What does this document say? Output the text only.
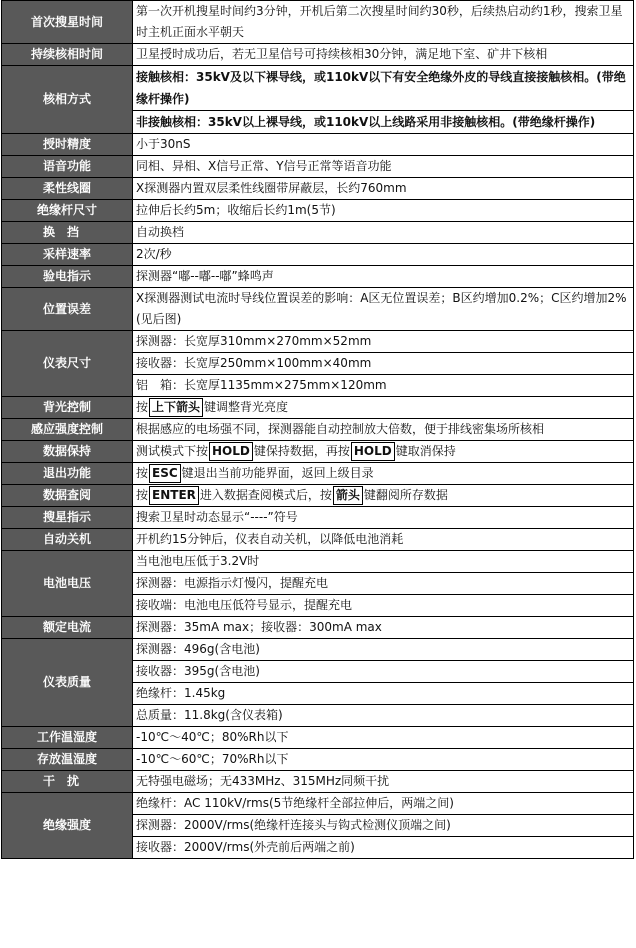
首次搜星时间	第一次开机搜星时间约3分钟，开机后第二次搜星时间约30秒，后续热启动约1秒，搜索卫星时主机正面水平朝天
持续核相时间	卫星授时成功后，若无卫星信号可持续核相30分钟，满足地下室、矿井下核相
核相方式	接触核相：35kV及以下裸导线，或110kV以下有安全绝缘外皮的导线直接接触核相。(带绝缘杆操作)
	非接触核相：35kV以上裸导线，或110kV以上线路采用非接触核相。(带绝缘杆操作)
授时精度	小于30nS
语音功能	同相、异相、X信号正常、Y信号正常等语音功能
柔性线圈	X探测器内置双层柔性线圈带屏蔽层，长约760mm
绝缘杆尺寸	拉伸后长约5m；收缩后长约1m(5节)
换挡	自动换档
采样速率	2次/秒
验电指示	探测器“嘟--嘟--嘟”蜂鸣声
位置误差	X探测器测试电流时导线位置误差的影响：A区无位置误差；B区约增加0.2%；C区约增加2%(见后图)
仪表尺寸	探测器：长宽厚310mm×270mm×52mm
	接收器：长宽厚250mm×100mm×40mm
	铝　箱：长宽厚1135mm×275mm×120mm
背光控制	按 上下箭头 键调整背光亮度
感应强度控制	根据感应的电场强不同，探测器能自动控制放大倍数，便于排线密集场所核相
数据保持	测试模式下按 HOLD 键保持数据，再按 HOLD 键取消保持
退出功能	按 ESC 键退出当前功能界面，返回上级目录
数据查阅	按 ENTER 进入数据查阅模式后，按 箭头 键翻阅所存数据
搜星指示	搜索卫星时动态显示“----”符号
自动关机	开机约15分钟后，仪表自动关机，以降低电池消耗
电池电压	当电池电压低于3.2V时
	探测器：电源指示灯慢闪，提醒充电
	接收端：电池电压低符号显示，提醒充电
额定电流	探测器：35mA max；接收器：300mA max
仪表质量	探测器：496g(含电池)
	接收器：395g(含电池)
	绝缘杆：1.45kg
	总质量：11.8kg(含仪表箱)
工作温湿度	-10℃～40℃；80%Rh以下
存放温湿度	-10℃～60℃；70%Rh以下
干扰	无特强电磁场；无433MHz、315MHz同频干扰
绝缘强度	绝缘杆：AC 110kV/rms(5节绝缘杆全部拉伸后，两端之间)
	探测器：2000V/rms(绝缘杆连接头与钩式检测仪顶端之间)
	接收器：2000V/rms(外壳前后两端之前)
